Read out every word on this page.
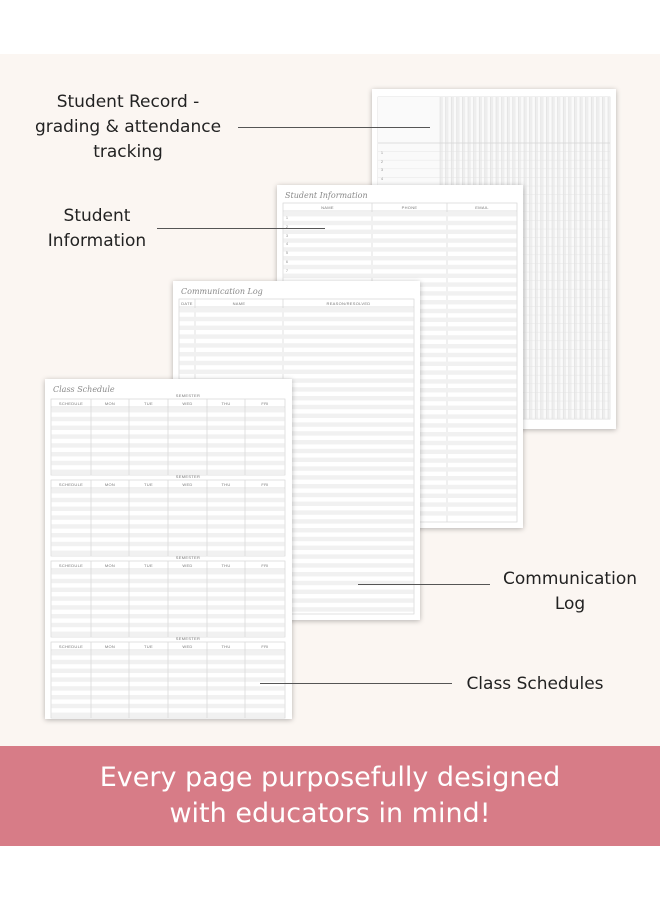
1
2
3
4
Student Information
NAME	PHONE	EMAIL
1
2
3
4
5
6
7
Communication Log
DATE	NAME	REASON/RESOLVED
Class Schedule
SEMESTER
SCHEDULE	MON	TUE	WED	THU	FRI
SEMESTER
SCHEDULE	MON	TUE	WED	THU	FRI
SEMESTER
SCHEDULE	MON	TUE	WED	THU	FRI
SEMESTER
SCHEDULE	MON	TUE	WED	THU	FRI
Student Record -
grading & attendance
tracking
Student
Information
Communication
Log
Class Schedules
Every page purposefully designed
with educators in mind!
